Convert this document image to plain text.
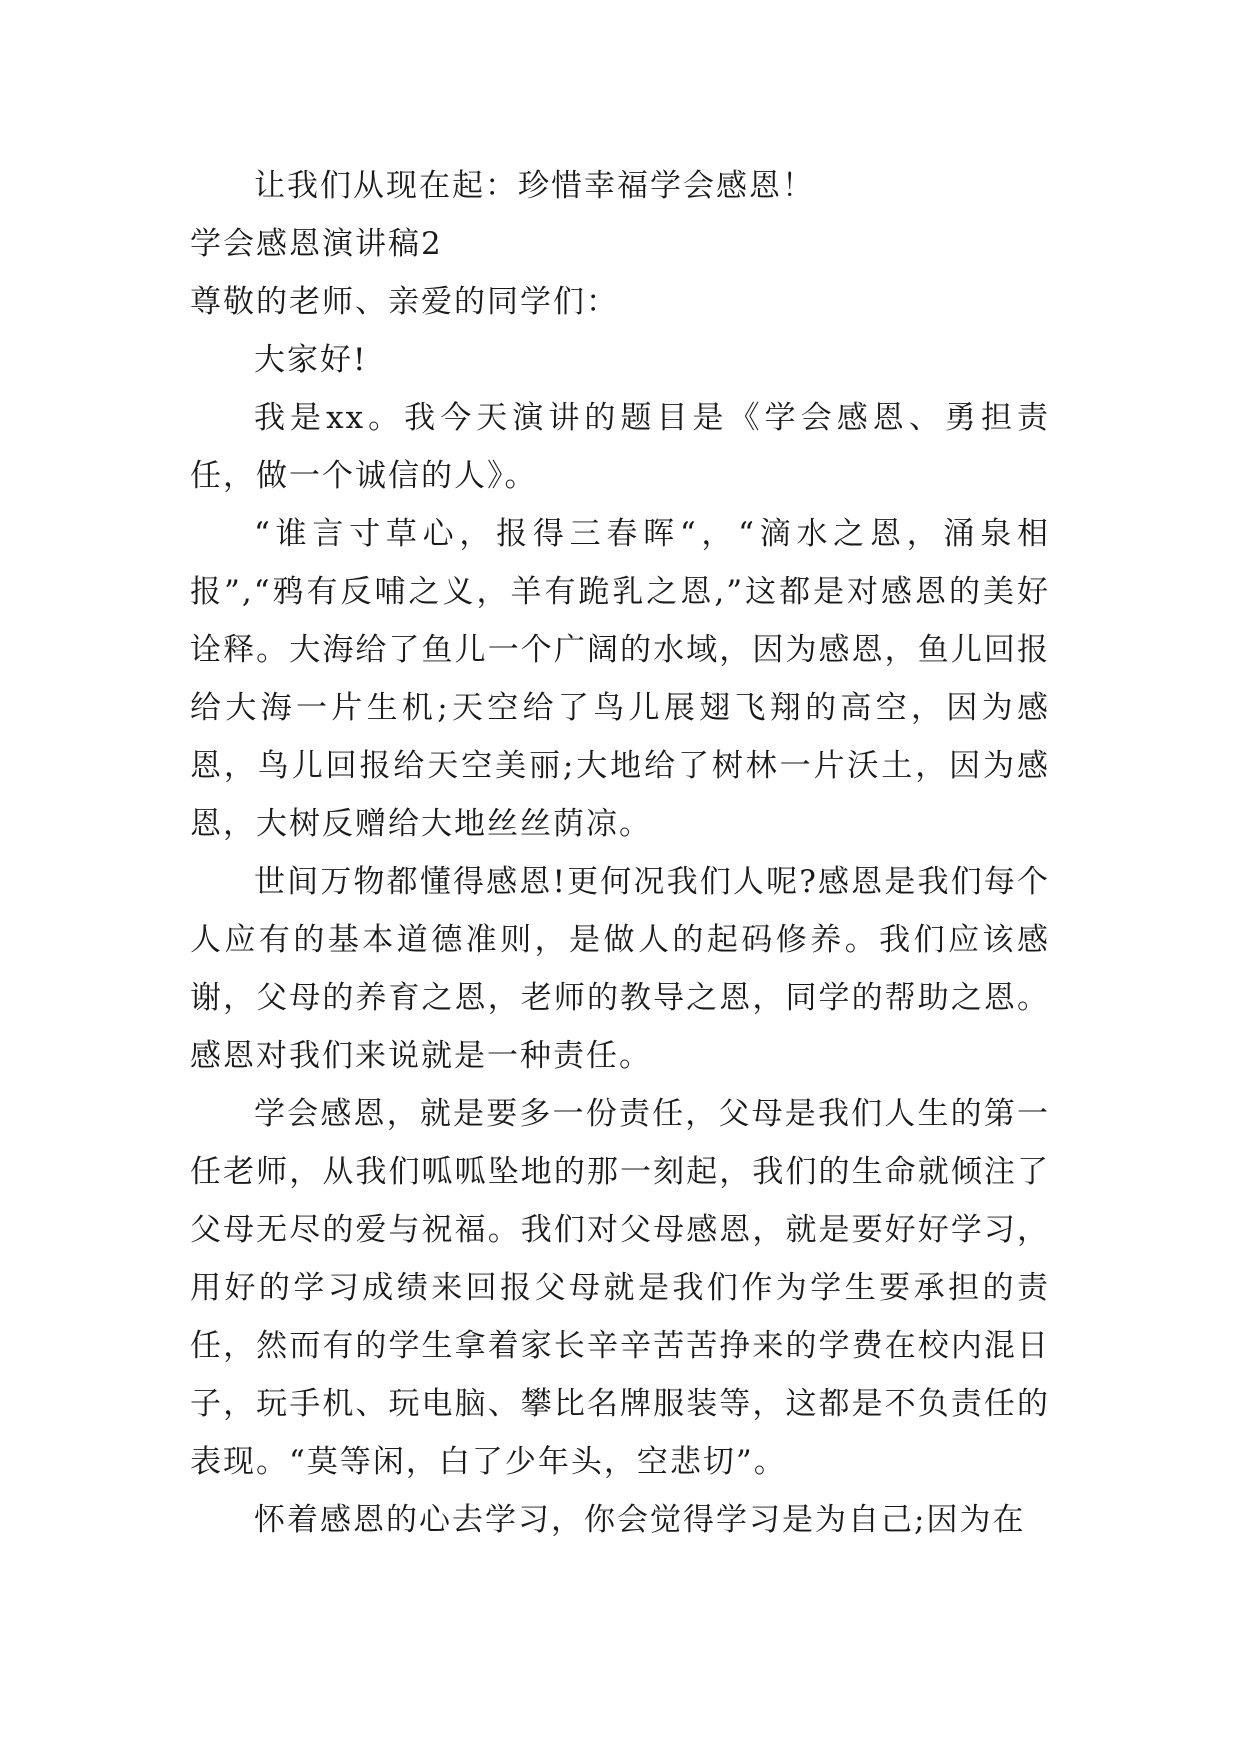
让我们从现在起：珍惜幸福学会感恩！

学会感恩演讲稿2

尊敬的老师、亲爱的同学们：

大家好!

我是xx。我今天演讲的题目是《学会感恩、勇担责任，做一个诚信的人》。

“谁言寸草心，报得三春晖“，“滴水之恩，涌泉相报”,“鸦有反哺之义，羊有跪乳之恩,”这都是对感恩的美好诠释。大海给了鱼儿一个广阔的水域，因为感恩，鱼儿回报给大海一片生机;天空给了鸟儿展翅飞翔的高空，因为感恩，鸟儿回报给天空美丽;大地给了树林一片沃土，因为感恩，大树反赠给大地丝丝荫凉。

世间万物都懂得感恩!更何况我们人呢?感恩是我们每个人应有的基本道德准则，是做人的起码修养。我们应该感谢，父母的养育之恩，老师的教导之恩，同学的帮助之恩。感恩对我们来说就是一种责任。

学会感恩，就是要多一份责任，父母是我们人生的第一任老师，从我们呱呱坠地的那一刻起，我们的生命就倾注了父母无尽的爱与祝福。我们对父母感恩，就是要好好学习，用好的学习成绩来回报父母就是我们作为学生要承担的责任，然而有的学生拿着家长辛辛苦苦挣来的学费在校内混日子，玩手机、玩电脑、攀比名牌服装等，这都是不负责任的表现。“莫等闲，白了少年头，空悲切”。

怀着感恩的心去学习，你会觉得学习是为自己;因为在
